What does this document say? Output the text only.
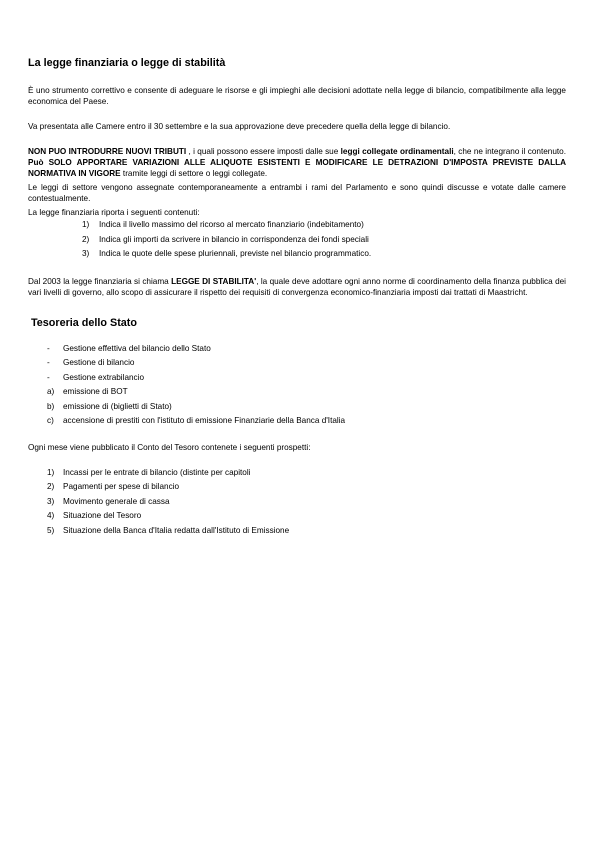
La legge finanziaria o legge di stabilità

È uno strumento correttivo e consente di adeguare le risorse e gli impieghi alle decisioni adottate nella legge di bilancio, compatibilmente alla legge economica del Paese.

Va presentata alle Camere entro il 30 settembre e la sua approvazione deve precedere quella della legge di bilancio.

NON PUO INTRODURRE NUOVI TRIBUTI , i quali possono essere imposti dalle sue leggi collegate ordinamentali, che ne integrano il contenuto. Può SOLO APPORTARE VARIAZIONI ALLE ALIQUOTE ESISTENTI E MODIFICARE LE DETRAZIONI D'IMPOSTA PREVISTE DALLA NORMATIVA IN VIGORE tramite leggi di settore o leggi collegate.

Le leggi di settore vengono assegnate contemporaneamente a entrambi i rami del Parlamento e sono quindi discusse e votate dalle camere contestualmente.

La legge finanziaria riporta i seguenti contenuti:

1) Indica il livello massimo del ricorso al mercato finanziario (indebitamento)
2) Indica gli importi da scrivere in bilancio in corrispondenza dei fondi speciali
3) Indica le quote delle spese pluriennali, previste nel bilancio programmatico.

Dal 2003 la legge finanziaria si chiama LEGGE DI STABILITA', la quale deve adottare ogni anno norme di coordinamento della finanza pubblica dei vari livelli di governo, allo scopo di assicurare il rispetto dei requisiti di convergenza economico-finanziaria imposti dai trattati di Maastricht.

Tesoreria dello Stato
- Gestione effettiva del bilancio dello Stato
- Gestione di bilancio
- Gestione extrabilancio
a) emissione di BOT
b) emissione di (biglietti di Stato)
c) accensione di prestiti con l'istituto di emissione Finanziarie della Banca d'Italia

Ogni mese viene pubblicato il Conto del Tesoro contenete i seguenti prospetti:

1) Incassi per le entrate di bilancio (distinte per capitoli
2) Pagamenti per spese di bilancio
3) Movimento generale di cassa
4) Situazione del Tesoro
5) Situazione della Banca d'Italia redatta dall'Istituto di Emissione
